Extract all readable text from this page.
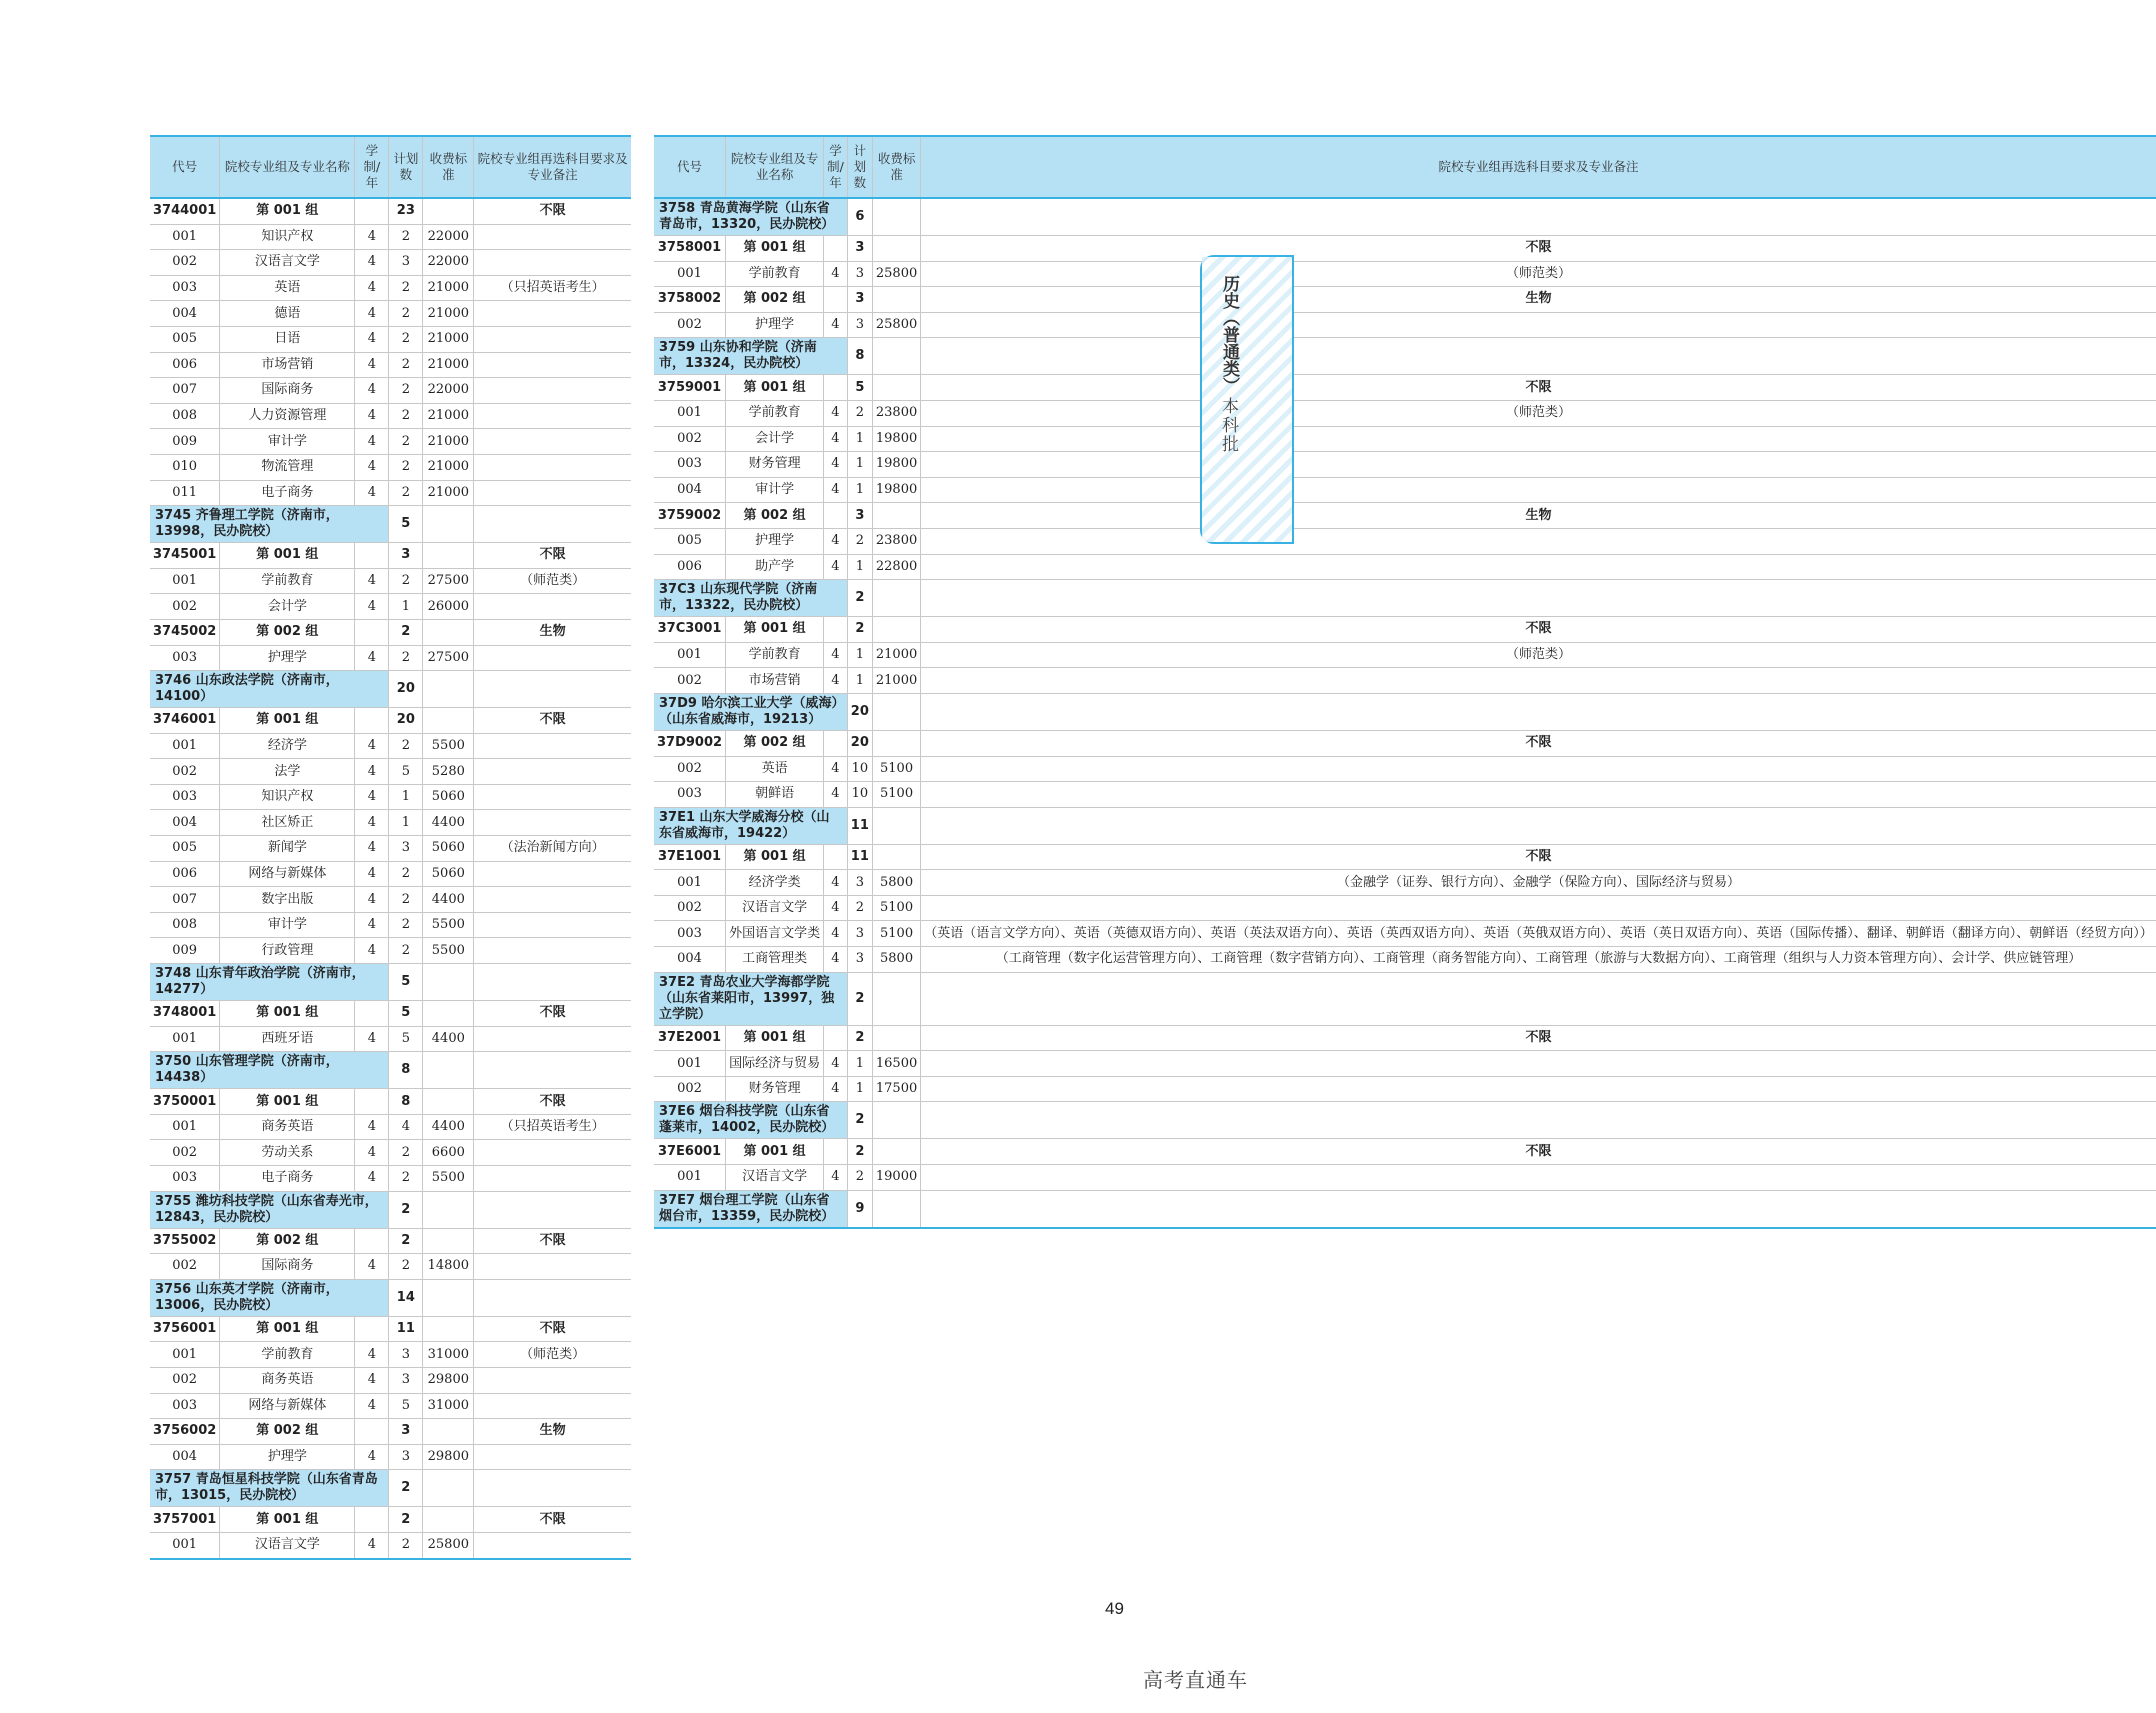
代号	院校专业组及专业名称	学制/年	计划数	收费标准	院校专业组再选科目要求及专业备注
3744001	第 001 组		23		不限
001	知识产权	4	2	22000	
002	汉语言文学	4	3	22000	
003	英语	4	2	21000	（只招英语考生）
004	德语	4	2	21000	
005	日语	4	2	21000	
006	市场营销	4	2	21000	
007	国际商务	4	2	22000	
008	人力资源管理	4	2	21000	
009	审计学	4	2	21000	
010	物流管理	4	2	21000	
011	电子商务	4	2	21000	
3745 齐鲁理工学院（济南市，13998，民办院校）			5		
3745001	第 001 组		3		不限
001	学前教育	4	2	27500	（师范类）
002	会计学	4	1	26000	
3745002	第 002 组		2		生物
003	护理学	4	2	27500	
3746 山东政法学院（济南市，14100）			20		
3746001	第 001 组		20		不限
001	经济学	4	2	5500	
002	法学	4	5	5280	
003	知识产权	4	1	5060	
004	社区矫正	4	1	4400	
005	新闻学	4	3	5060	（法治新闻方向）
006	网络与新媒体	4	2	5060	
007	数字出版	4	2	4400	
008	审计学	4	2	5500	
009	行政管理	4	2	5500	
3748 山东青年政治学院（济南市，14277）			5		
3748001	第 001 组		5		不限
001	西班牙语	4	5	4400	
3750 山东管理学院（济南市，14438）			8		
3750001	第 001 组		8		不限
001	商务英语	4	4	4400	（只招英语考生）
002	劳动关系	4	2	6600	
003	电子商务	4	2	5500	
3755 潍坊科技学院（山东省寿光市，12843，民办院校）			2		
3755002	第 002 组		2		不限
002	国际商务	4	2	14800	
3756 山东英才学院（济南市，13006，民办院校）			14		
3756001	第 001 组		11		不限
001	学前教育	4	3	31000	（师范类）
002	商务英语	4	3	29800	
003	网络与新媒体	4	5	31000	
3756002	第 002 组		3		生物
004	护理学	4	3	29800	
3757 青岛恒星科技学院（山东省青岛市，13015，民办院校）			2		
3757001	第 001 组		2		不限
001	汉语言文学	4	2	25800	
代号	院校专业组及专业名称	学制/年	计划数	收费标准	院校专业组再选科目要求及专业备注
3758 青岛黄海学院（山东省青岛市，13320，民办院校）			6		
3758001	第 001 组		3		不限
001	学前教育	4	3	25800	（师范类）
3758002	第 002 组		3		生物
002	护理学	4	3	25800	
3759 山东协和学院（济南市，13324，民办院校）			8		
3759001	第 001 组		5		不限
001	学前教育	4	2	23800	（师范类）
002	会计学	4	1	19800	
003	财务管理	4	1	19800	
004	审计学	4	1	19800	
3759002	第 002 组		3		生物
005	护理学	4	2	23800	
006	助产学	4	1	22800	
37C3 山东现代学院（济南市，13322，民办院校）			2		
37C3001	第 001 组		2		不限
001	学前教育	4	1	21000	（师范类）
002	市场营销	4	1	21000	
37D9 哈尔滨工业大学（威海）（山东省威海市，19213）			20		
37D9002	第 002 组		20		不限
002	英语	4	10	5100	
003	朝鲜语	4	10	5100	
37E1 山东大学威海分校（山东省威海市，19422）			11		
37E1001	第 001 组		11		不限
001	经济学类	4	3	5800	（金融学（证券、银行方向）、金融学（保险方向）、国际经济与贸易）
002	汉语言文学	4	2	5100	
003	外国语言文学类	4	3	5100	（英语（语言文学方向）、英语（英德双语方向）、英语（英法双语方向）、英语（英西双语方向）、英语（英俄双语方向）、英语（英日双语方向）、英语（国际传播）、翻译、朝鲜语（翻译方向）、朝鲜语（经贸方向））
004	工商管理类	4	3	5800	（工商管理（数字化运营管理方向）、工商管理（数字营销方向）、工商管理（商务智能方向）、工商管理（旅游与大数据方向）、工商管理（组织与人力资本管理方向）、会计学、供应链管理）
37E2 青岛农业大学海都学院（山东省莱阳市，13997，独立学院）			2		
37E2001	第 001 组		2		不限
001	国际经济与贸易	4	1	16500	
002	财务管理	4	1	17500	
37E6 烟台科技学院（山东省蓬莱市，14002，民办院校）			2		
37E6001	第 001 组		2		不限
001	汉语言文学	4	2	19000	
37E7 烟台理工学院（山东省烟台市，13359，民办院校）			9		
历史（普通类）
本科批
49
高考直通车
